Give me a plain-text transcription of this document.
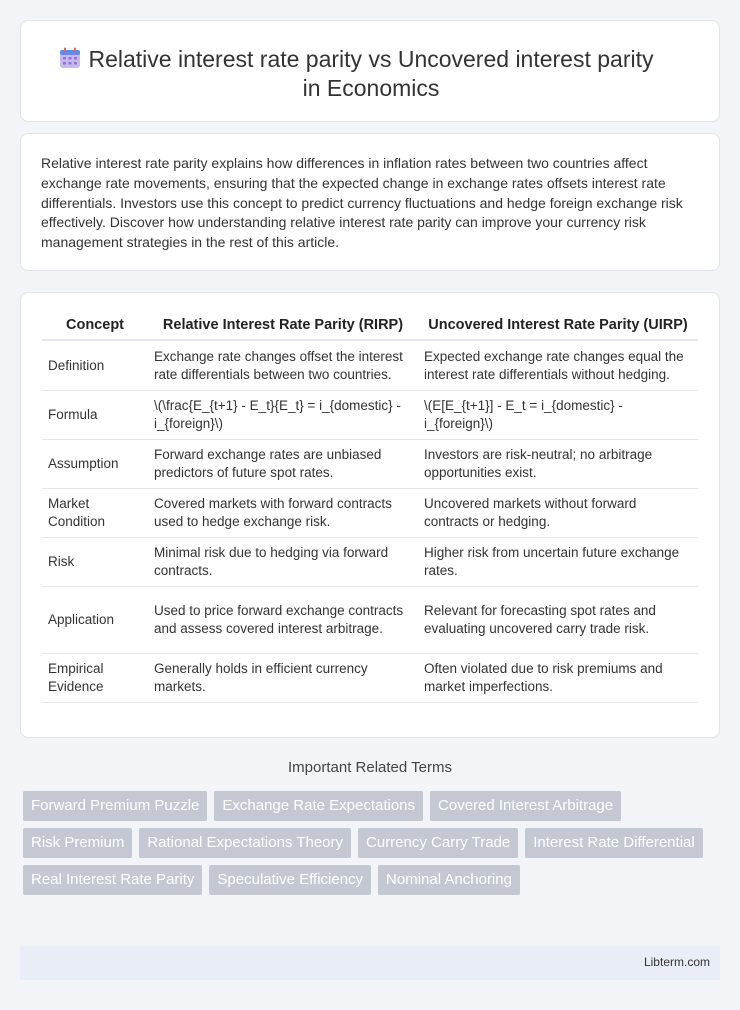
Relative interest rate parity vs Uncovered interest parity
in Economics

Relative interest rate parity explains how differences in inflation rates between two countries affect exchange rate movements, ensuring that the expected change in exchange rates offsets interest rate differentials. Investors use this concept to predict currency fluctuations and hedge foreign exchange risk effectively. Discover how understanding relative interest rate parity can improve your currency risk management strategies in the rest of this article.

Concept	Relative Interest Rate Parity (RIRP)	Uncovered Interest Rate Parity (UIRP)
Definition	Exchange rate changes offset the interest rate differentials between two countries.	Expected exchange rate changes equal the interest rate differentials without hedging.
Formula	\(\frac{E_{t+1} - E_t}{E_t} = i_{domestic} - i_{foreign}\)	\(E[E_{t+1}] - E_t = i_{domestic} - i_{foreign}\)
Assumption	Forward exchange rates are unbiased predictors of future spot rates.	Investors are risk-neutral; no arbitrage opportunities exist.
Market Condition	Covered markets with forward contracts used to hedge exchange risk.	Uncovered markets without forward contracts or hedging.
Risk	Minimal risk due to hedging via forward contracts.	Higher risk from uncertain future exchange rates.
Application	Used to price forward exchange contracts and assess covered interest arbitrage.	Relevant for forecasting spot rates and evaluating uncovered carry trade risk.
Empirical Evidence	Generally holds in efficient currency markets.	Often violated due to risk premiums and market imperfections.
Important Related Terms
Forward Premium Puzzle	Exchange Rate Expectations	Covered Interest Arbitrage
Risk Premium	Rational Expectations Theory	Currency Carry Trade	Interest Rate Differential
Real Interest Rate Parity	Speculative Efficiency	Nominal Anchoring
Libterm.com
